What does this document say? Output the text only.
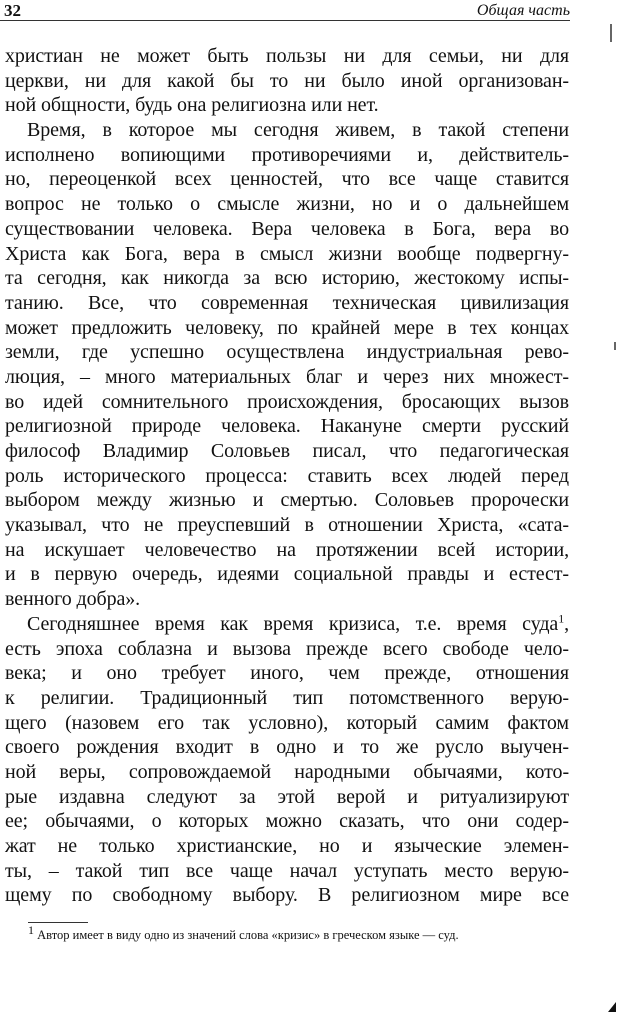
32	Общая часть
христиан не может быть пользы ни для семьи, ни для
церкви, ни для какой бы то ни было иной организован-
ной общности, будь она религиозна или нет.
Время, в которое мы сегодня живем, в такой степени
исполнено вопиющими противоречиями и, действитель-
но, переоценкой всех ценностей, что все чаще ставится
вопрос не только о смысле жизни, но и о дальнейшем
существовании человека. Вера человека в Бога, вера во
Христа как Бога, вера в смысл жизни вообще подвергну-
та сегодня, как никогда за всю историю, жестокому испы-
танию. Все, что современная техническая цивилизация
может предложить человеку, по крайней мере в тех концах
земли, где успешно осуществлена индустриальная рево-
люция, – много материальных благ и через них множест-
во идей сомнительного происхождения, бросающих вызов
религиозной природе человека. Накануне смерти русский
философ Владимир Соловьев писал, что педагогическая
роль исторического процесса: ставить всех людей перед
выбором между жизнью и смертью. Соловьев пророчески
указывал, что не преуспевший в отношении Христа, «сата-
на искушает человечество на протяжении всей истории,
и в первую очередь, идеями социальной правды и естест-
венного добра».
Сегодняшнее время как время кризиса, т.е. время суда$^1$,
есть эпоха соблазна и вызова прежде всего свободе чело-
века; и оно требует иного, чем прежде, отношения
к религии. Традиционный тип потомственного верую-
щего (назовем его так условно), который самим фактом
своего рождения входит в одно и то же русло выучен-
ной веры, сопровождаемой народными обычаями, кото-
рые издавна следуют за этой верой и ритуализируют
ее; обычаями, о которых можно сказать, что они содер-
жат не только христианские, но и языческие элемен-
ты, – такой тип все чаще начал уступать место верую-
щему по свободному выбору. В религиозном мире все
1 Автор имеет в виду одно из значений слова «кризис» в греческом языке — суд.
